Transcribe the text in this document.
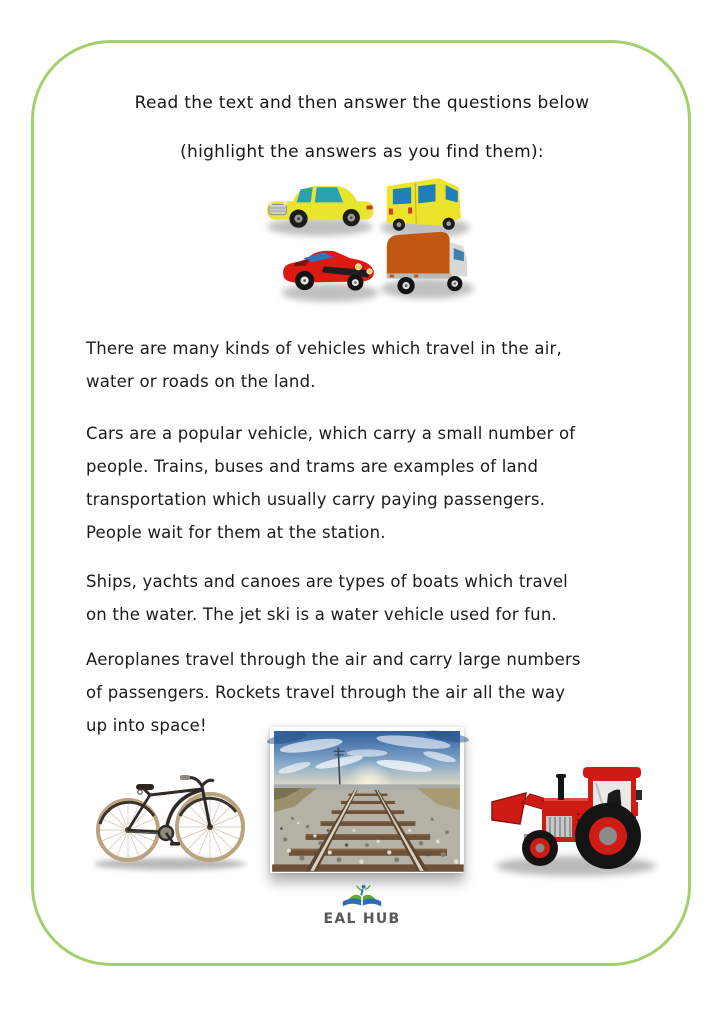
Read the text and then answer the questions below
(highlight the answers as you find them):
There are many kinds of vehicles which travel in the air,
water or roads on the land.
Cars are a popular vehicle, which carry a small number of
people. Trains, buses and trams are examples of land
transportation which usually carry paying passengers.
People wait for them at the station.
Ships, yachts and canoes are types of boats which travel
on the water. The jet ski is a water vehicle used for fun.
Aeroplanes travel through the air and carry large numbers
of passengers. Rockets travel through the air all the way
up into space!
EAL HUB
